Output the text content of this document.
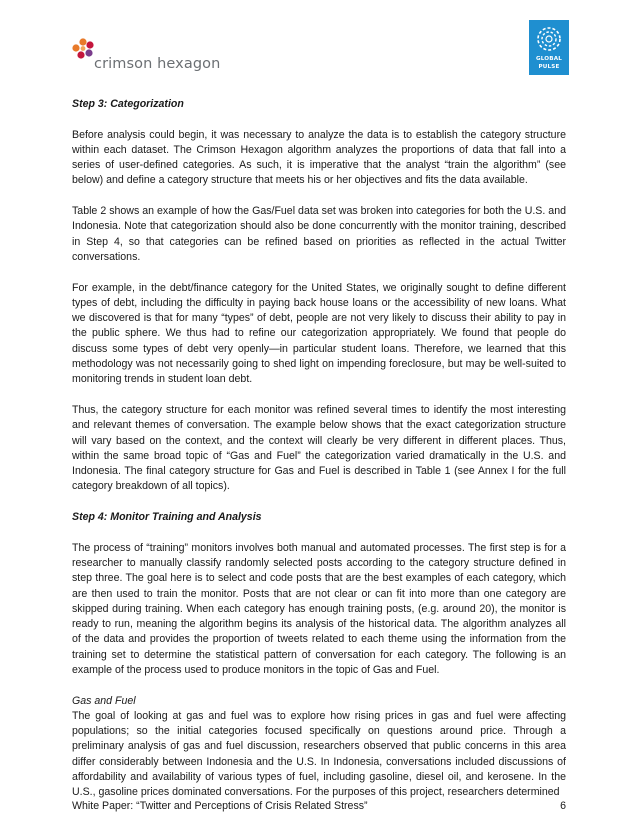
crimson hexagon	GLOBAL
PULSE

Step 3: Categorization

Before analysis could begin, it was necessary to analyze the data is to establish the category structure within each dataset. The Crimson Hexagon algorithm analyzes the proportions of data that fall into a series of user-defined categories. As such, it is imperative that the analyst “train the algorithm” (see below) and define a category structure that meets his or her objectives and fits the data available.

Table 2 shows an example of how the Gas/Fuel data set was broken into categories for both the U.S. and Indonesia. Note that categorization should also be done concurrently with the monitor training, described in Step 4, so that categories can be refined based on priorities as reflected in the actual Twitter conversations.

For example, in the debt/finance category for the United States, we originally sought to define different types of debt, including the difficulty in paying back house loans or the accessibility of new loans. What we discovered is that for many “types” of debt, people are not very likely to discuss their ability to pay in the public sphere. We thus had to refine our categorization appropriately. We found that people do discuss some types of debt very openly—in particular student loans. Therefore, we learned that this methodology was not necessarily going to shed light on impending foreclosure, but may be well-suited to monitoring trends in student loan debt.

Thus, the category structure for each monitor was refined several times to identify the most interesting and relevant themes of conversation. The example below shows that the exact categorization structure will vary based on the context, and the context will clearly be very different in different places. Thus, within the same broad topic of “Gas and Fuel” the categorization varied dramatically in the U.S. and Indonesia. The final category structure for Gas and Fuel is described in Table 1 (see Annex I for the full category breakdown of all topics).

Step 4: Monitor Training and Analysis

The process of “training” monitors involves both manual and automated processes. The first step is for a researcher to manually classify randomly selected posts according to the category structure defined in step three. The goal here is to select and code posts that are the best examples of each category, which are then used to train the monitor. Posts that are not clear or can fit into more than one category are skipped during training. When each category has enough training posts, (e.g. around 20), the monitor is ready to run, meaning the algorithm begins its analysis of the historical data. The algorithm analyzes all of the data and provides the proportion of tweets related to each theme using the information from the training set to determine the statistical pattern of conversation for each category. The following is an example of the process used to produce monitors in the topic of Gas and Fuel.

Gas and Fuel

The goal of looking at gas and fuel was to explore how rising prices in gas and fuel were affecting populations; so the initial categories focused specifically on questions around price. Through a preliminary analysis of gas and fuel discussion, researchers observed that public concerns in this area differ considerably between Indonesia and the U.S. In Indonesia, conversations included discussions of affordability and availability of various types of fuel, including gasoline, diesel oil, and kerosene. In the U.S., gasoline prices dominated conversations. For the purposes of this project, researchers determined

White Paper: “Twitter and Perceptions of Crisis Related Stress”	6
